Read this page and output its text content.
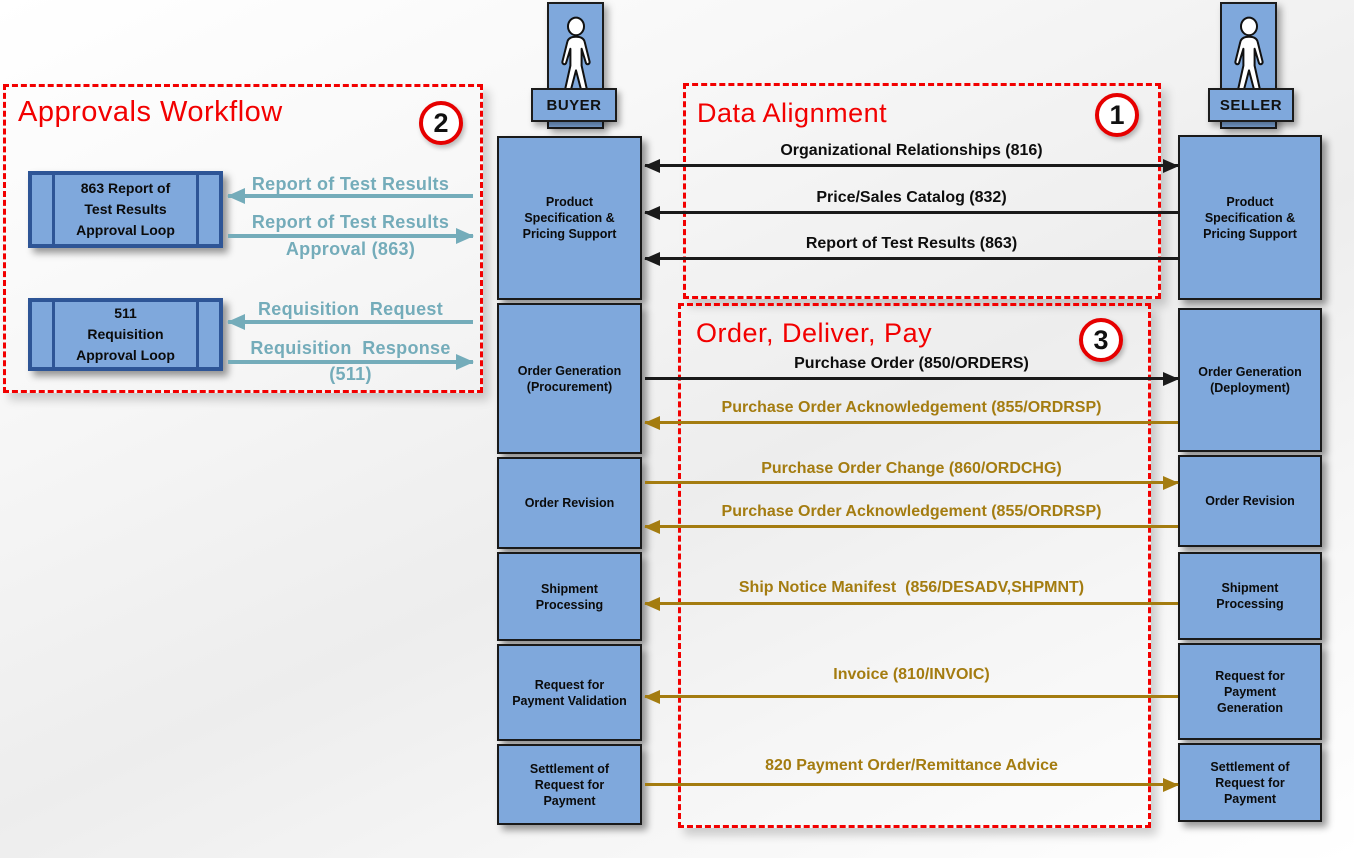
Approvals Workflow	2	Data Alignment	1
Order, Deliver, Pay	3
BUYER	SELLER
Product Specification & Pricing Support
Order Generation (Procurement)
Order Revision
Shipment Processing
Request for Payment Validation
Settlement of Request for Payment
Product Specification & Pricing Support
Order Generation (Deployment)
Order Revision
Shipment Processing
Request for Payment Generation
Settlement of Request for Payment
863 Report of
Test Results
Approval Loop
511
Requisition
Approval Loop
Report of Test Results
Report of Test Results
Approval (863)
Requisition  Request
Requisition  Response
(511)
Organizational Relationships (816)
Price/Sales Catalog (832)
Report of Test Results (863)
Purchase Order (850/ORDERS)
Purchase Order Acknowledgement (855/ORDRSP)
Purchase Order Change (860/ORDCHG)
Purchase Order Acknowledgement (855/ORDRSP)
Ship Notice Manifest  (856/DESADV,SHPMNT)
Invoice (810/INVOIC)
820 Payment Order/Remittance Advice
